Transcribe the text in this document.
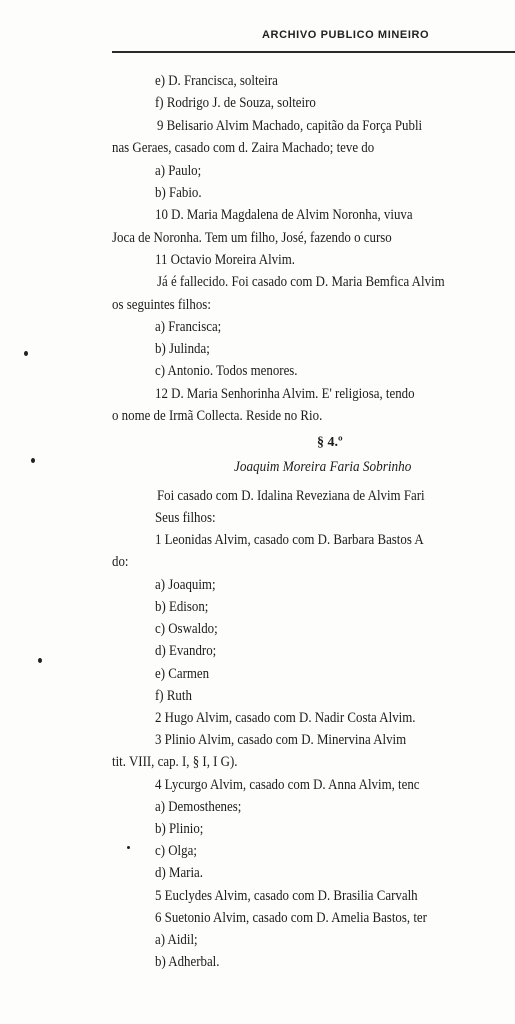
ARCHIVO PUBLICO MINEIRO
e) D. Francisca, solteira
f) Rodrigo J. de Souza, solteiro
9 Belisario Alvim Machado, capitão da Força Publi
nas Geraes, casado com d. Zaira Machado; teve do
a) Paulo;
b) Fabio.
10 D. Maria Magdalena de Alvim Noronha, viuva
Joca de Noronha. Tem um filho, José, fazendo o curso
11 Octavio Moreira Alvim.
Já é fallecido. Foi casado com D. Maria Bemfica Alvim
os seguintes filhos:
a) Francisca;
b) Julinda;
c) Antonio. Todos menores.
12 D. Maria Senhorinha Alvim. E' religiosa, tendo
o nome de Irmã Collecta. Reside no Rio.
§ 4.º
Joaquim Moreira Faria Sobrinho
Foi casado com D. Idalina Reveziana de Alvim Fari
Seus filhos:
1 Leonidas Alvim, casado com D. Barbara Bastos A
do:
a) Joaquim;
b) Edison;
c) Oswaldo;
d) Evandro;
e) Carmen
f) Ruth
2 Hugo Alvim, casado com D. Nadir Costa Alvim.
3 Plinio Alvim, casado com D. Minervina Alvim
tit. VIII, cap. I, § I, I G).
4 Lycurgo Alvim, casado com D. Anna Alvim, tenc
a) Demosthenes;
b) Plinio;
c) Olga;
d) Maria.
5 Euclydes Alvim, casado com D. Brasilia Carvalh
6 Suetonio Alvim, casado com D. Amelia Bastos, ter
a) Aidil;
b) Adherbal.
